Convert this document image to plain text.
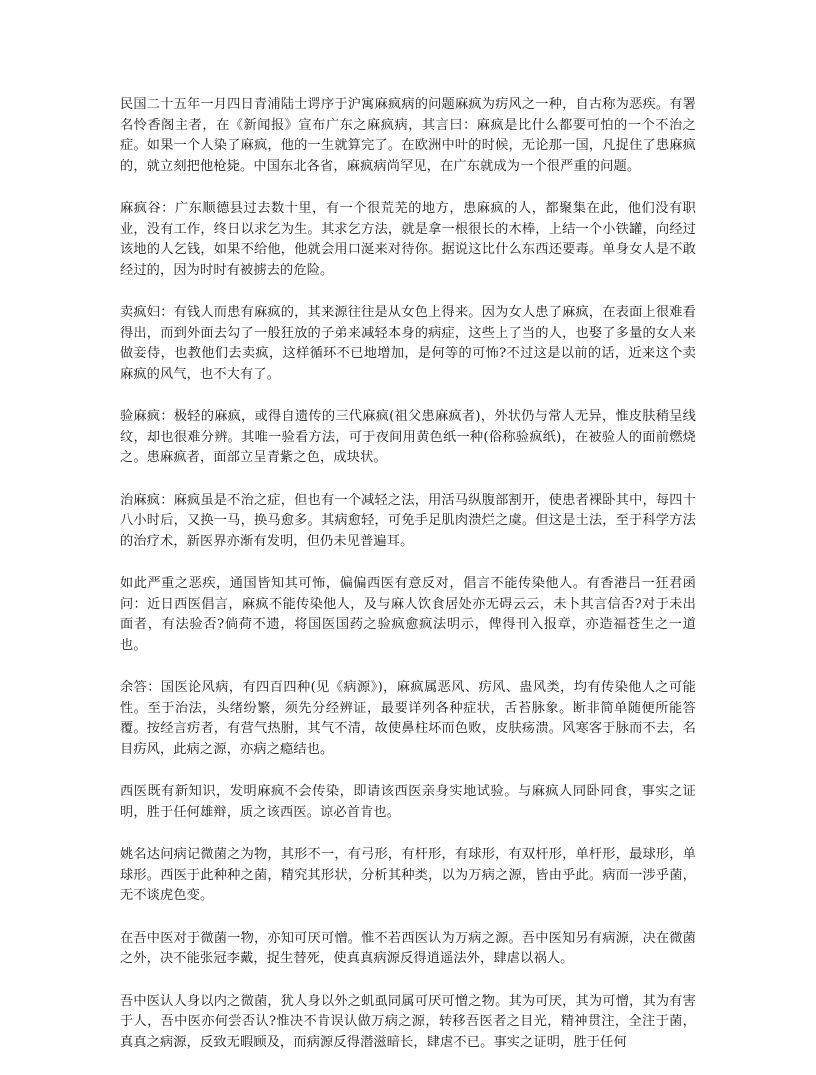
民国二十五年一月四日青浦陆士谔序于沪寓麻疯病的问题麻疯为疠风之一种，自古称为恶疾。有署名怜香阁主者，在《新闻报》宣布广东之麻疯病，其言曰：麻疯是比什么都要可怕的一个不治之症。如果一个人染了麻疯，他的一生就算完了。在欧洲中叶的时候，无论那一国，凡捉住了患麻疯的，就立刻把他枪毙。中国东北各省，麻疯病尚罕见，在广东就成为一个很严重的问题。

麻疯谷：广东顺德县过去数十里，有一个很荒芜的地方，患麻疯的人，都聚集在此，他们没有职业，没有工作，终日以求乞为生。其求乞方法，就是拿一根很长的木棒，上结一个小铁罐，向经过该地的人乞钱，如果不给他，他就会用口涎来对待你。据说这比什么东西还要毒。单身女人是不敢经过的，因为时时有被掳去的危险。

卖疯妇：有钱人而患有麻疯的，其来源往往是从女色上得来。因为女人患了麻疯，在表面上很难看得出，而到外面去勾了一般狂放的子弟来减轻本身的病症，这些上了当的人，也娶了多量的女人来做妾侍，也教他们去卖疯，这样循环不已地增加，是何等的可怖?不过这是以前的话，近来这个卖麻疯的风气，也不大有了。

验麻疯：极轻的麻疯，或得自遗传的三代麻疯(祖父患麻疯者)，外状仍与常人无异，惟皮肤稍呈线纹，却也很难分辨。其唯一验看方法，可于夜间用黄色纸一种(俗称验疯纸)，在被验人的面前燃烧之。患麻疯者，面部立呈青紫之色，成块状。

治麻疯：麻疯虽是不治之症，但也有一个减轻之法，用活马纵腹部割开，使患者裸卧其中，每四十八小时后，又换一马，换马愈多。其病愈轻，可免手足肌肉溃烂之虞。但这是土法，至于科学方法的治疗术，新医界亦渐有发明，但仍未见普遍耳。

如此严重之恶疾，通国皆知其可怖，偏偏西医有意反对，倡言不能传染他人。有香港吕一狂君函问：近日西医倡言，麻疯不能传染他人，及与麻人饮食居处亦无碍云云，未卜其言信否?对于未出面者，有法验否?倘荷不遗，将国医国药之验疯愈疯法明示，俾得刊入报章，亦造福苍生之一道也。

余答：国医论风病，有四百四种(见《病源》)，麻疯属恶风、疠风、蛊风类，均有传染他人之可能性。至于治法，头绪纷繁，须先分经辨证，最要详列各种症状，舌苔脉象。断非简单随便所能答覆。按经言疠者，有营气热胕，其气不清，故使鼻柱坏而色败，皮肤疡溃。风寒客于脉而不去，名目疠风，此病之源，亦病之瘾结也。

西医既有新知识，发明麻疯不会传染，即请该西医亲身实地试验。与麻疯人同卧同食，事实之证明，胜于任何雄辩，质之该西医。谅必首肯也。

姚名达问病记微菌之为物，其形不一，有弓形，有杆形，有球形，有双杆形，单杆形，最球形，单球形。西医于此种种之菌，精究其形状，分析其种类，以为万病之源，皆由乎此。病而一涉乎菌，无不谈虎色变。

在吾中医对于微菌一物，亦知可厌可憎。惟不若西医认为万病之源。吾中医知另有病源，决在微菌之外，决不能张冠李戴，捉生替死，使真真病源反得逍遥法外，肆虐以祸人。

吾中医认人身以内之微菌，犹人身以外之虮虱同属可厌可憎之物。其为可厌，其为可憎，其为有害于人，吾中医亦何尝否认?惟决不肯误认做万病之源，转移吾医者之目光，精神贯注，全注于菌，真真之病源，反致无暇顾及，而病源反得潜滋暗长，肆虐不已。事实之证明，胜于任何
